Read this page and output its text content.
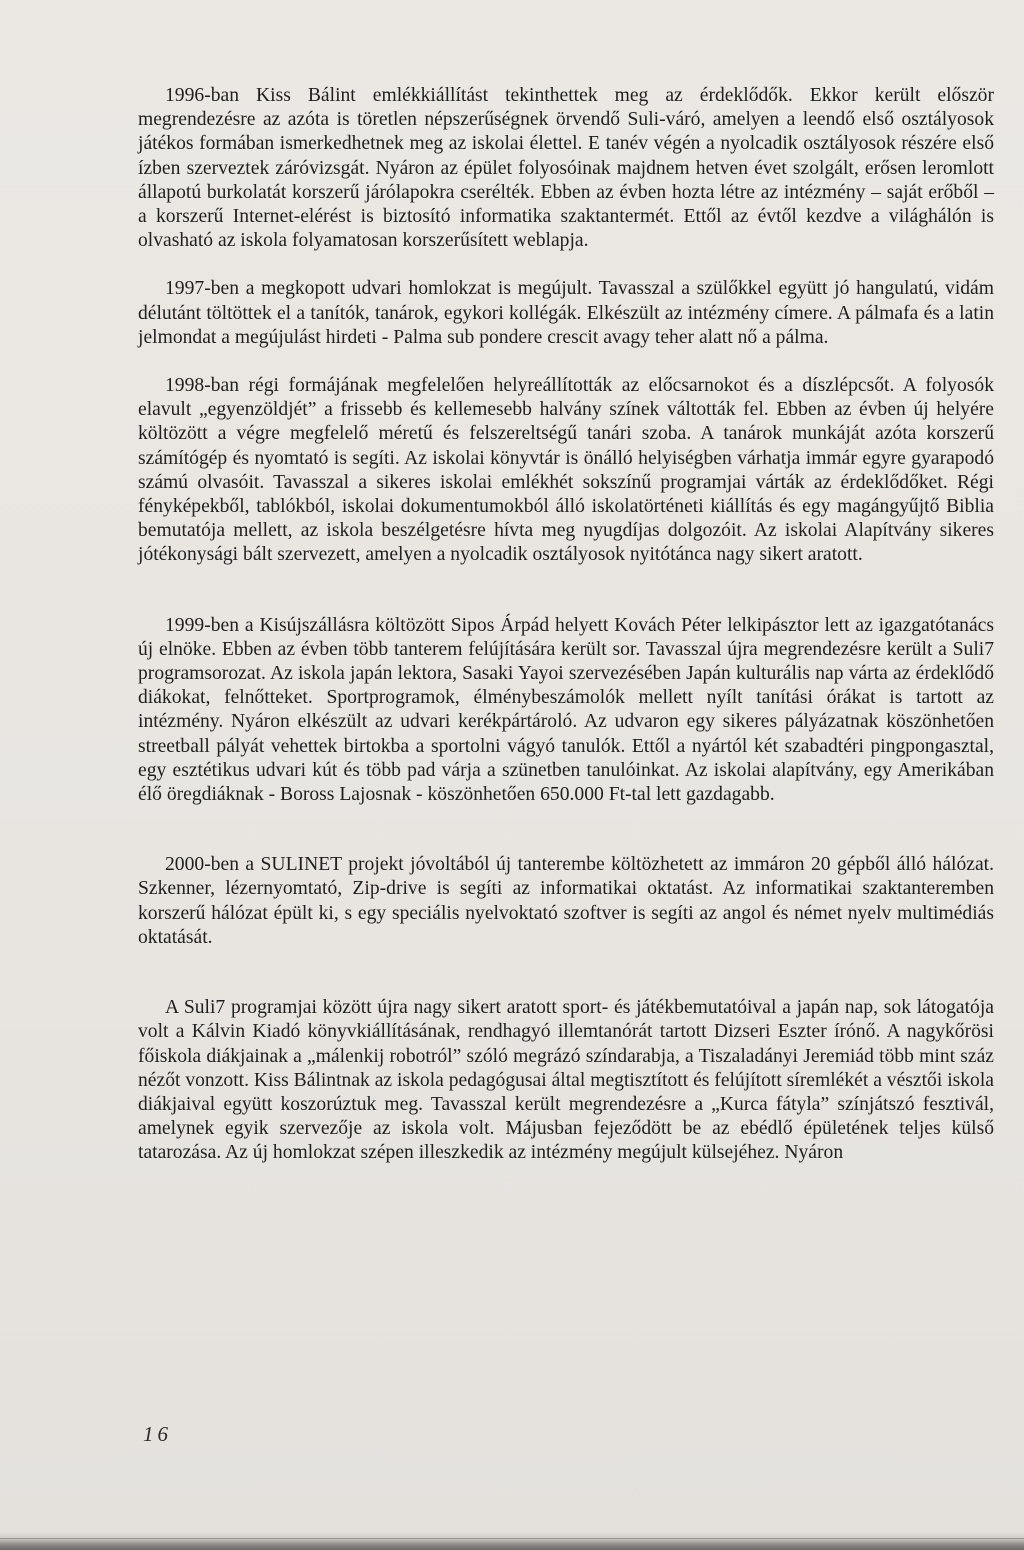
1996-ban Kiss Bálint emlékkiállítást tekinthettek meg az érdeklődők. Ekkor került először megrendezésre az azóta is töretlen népszerűségnek örvendő Suli-váró, amelyen a leendő első osztályosok játékos formában ismerkedhetnek meg az iskolai élettel. E tanév végén a nyolcadik osztályosok részére első ízben szerveztek záróvizsgát. Nyáron az épület folyosóinak majdnem hetven évet szolgált, erősen leromlott állapotú burkolatát korszerű járólapokra cserélték. Ebben az évben hozta létre az intézmény – saját erőből – a korszerű Internet-elérést is biztosító informatika szaktantermét. Ettől az évtől kezdve a világhálón is olvasható az iskola folyamatosan korszerűsített weblapja.

1997-ben a megkopott udvari homlokzat is megújult. Tavasszal a szülőkkel együtt jó hangulatú, vidám délutánt töltöttek el a tanítók, tanárok, egykori kollégák. Elkészült az intézmény címere. A pálmafa és a latin jelmondat a megújulást hirdeti - Palma sub pondere crescit avagy teher alatt nő a pálma.

1998-ban régi formájának megfelelően helyreállították az előcsarnokot és a díszlépcsőt. A folyosók elavult „egyenzöldjét” a frissebb és kellemesebb halvány színek váltották fel. Ebben az évben új helyére költözött a végre megfelelő méretű és felszereltségű tanári szoba. A tanárok munkáját azóta korszerű számítógép és nyomtató is segíti. Az iskolai könyvtár is önálló helyiségben várhatja immár egyre gyarapodó számú olvasóit. Tavasszal a sikeres iskolai emlékhét sokszínű programjai várták az érdeklődőket. Régi fényképekből, tablókból, iskolai dokumentumokból álló iskolatörténeti kiállítás és egy magángyűjtő Biblia bemutatója mellett, az iskola beszélgetésre hívta meg nyugdíjas dolgozóit. Az iskolai Alapítvány sikeres jótékonysági bált szervezett, amelyen a nyolcadik osztályosok nyitótánca nagy sikert aratott.

1999-ben a Kisújszállásra költözött Sipos Árpád helyett Kovách Péter lelkipásztor lett az igazgatótanács új elnöke. Ebben az évben több tanterem felújítására került sor. Tavasszal újra megrendezésre került a Suli7 programsorozat. Az iskola japán lektora, Sasaki Yayoi szervezésében Japán kulturális nap várta az érdeklődő diákokat, felnőtteket. Sportprogramok, élménybeszámolók mellett nyílt tanítási órákat is tartott az intézmény. Nyáron elkészült az udvari kerékpártároló. Az udvaron egy sikeres pályázatnak köszönhetően streetball pályát vehettek birtokba a sportolni vágyó tanulók. Ettől a nyártól két szabadtéri pingpongasztal, egy esztétikus udvari kút és több pad várja a szünetben tanulóinkat. Az iskolai alapítvány, egy Amerikában élő öregdiáknak - Boross Lajosnak - köszönhetően 650.000 Ft-tal lett gazdagabb.

2000-ben a SULINET projekt jóvoltából új tanterembe költözhetett az immáron 20 gépből álló hálózat. Szkenner, lézernyomtató, Zip-drive is segíti az informatikai oktatást. Az informatikai szaktanteremben korszerű hálózat épült ki, s egy speciális nyelvoktató szoftver is segíti az angol és német nyelv multimédiás oktatását.

A Suli7 programjai között újra nagy sikert aratott sport- és játékbemutatóival a japán nap, sok látogatója volt a Kálvin Kiadó könyvkiállításának, rendhagyó illemtanórát tartott Dizseri Eszter írónő. A nagykőrösi főiskola diákjainak a „málenkij robotról” szóló megrázó színdarabja, a Tiszaladányi Jeremiád több mint száz nézőt vonzott. Kiss Bálintnak az iskola pedagógusai által megtisztított és felújított síremlékét a vésztői iskola diákjaival együtt koszorúztuk meg. Tavasszal került megrendezésre a „Kurca fátyla” színjátszó fesztivál, amelynek egyik szervezője az iskola volt. Májusban fejeződött be az ebédlő épületének teljes külső tatarozása. Az új homlokzat szépen illeszkedik az intézmény megújult külsejéhez. Nyáron

16
